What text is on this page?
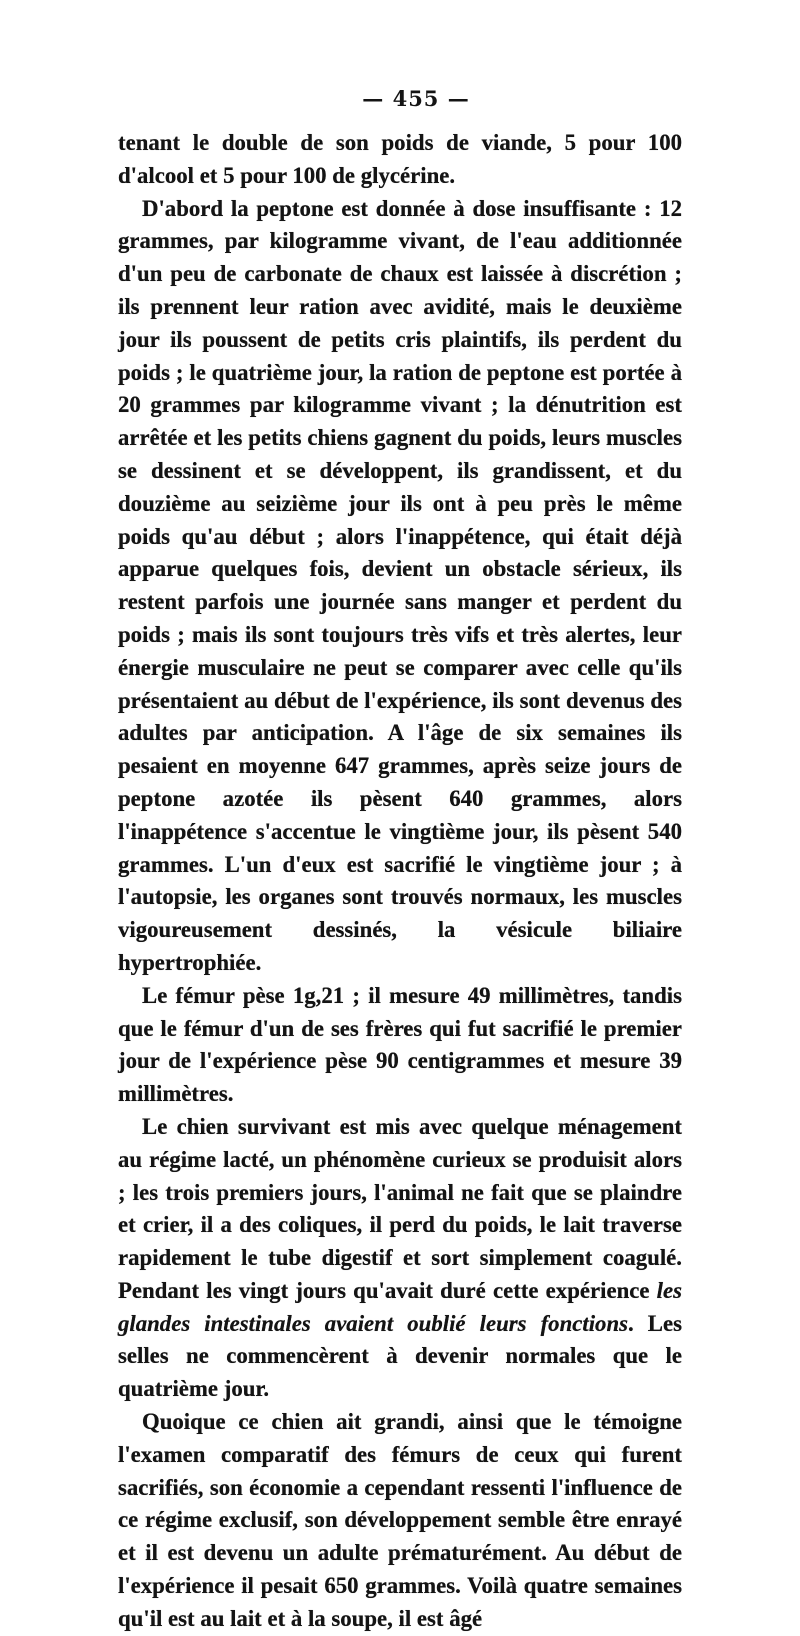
— 455 —

tenant le double de son poids de viande, 5 pour 100 d'alcool et 5 pour 100 de glycérine.

D'abord la peptone est donnée à dose insuffisante : 12 grammes, par kilogramme vivant, de l'eau additionnée d'un peu de carbonate de chaux est laissée à discrétion ; ils prennent leur ration avec avidité, mais le deuxième jour ils poussent de petits cris plaintifs, ils perdent du poids ; le quatrième jour, la ration de peptone est portée à 20 grammes par kilogramme vivant ; la dénutrition est arrêtée et les petits chiens gagnent du poids, leurs muscles se dessinent et se développent, ils grandissent, et du douzième au seizième jour ils ont à peu près le même poids qu'au début ; alors l'inappétence, qui était déjà apparue quelques fois, devient un obstacle sérieux, ils restent parfois une journée sans manger et perdent du poids ; mais ils sont toujours très vifs et très alertes, leur énergie musculaire ne peut se comparer avec celle qu'ils présentaient au début de l'expérience, ils sont devenus des adultes par anticipation. A l'âge de six semaines ils pesaient en moyenne 647 grammes, après seize jours de peptone azotée ils pèsent 640 grammes, alors l'inappétence s'accentue le vingtième jour, ils pèsent 540 grammes. L'un d'eux est sacrifié le vingtième jour ; à l'autopsie, les organes sont trouvés normaux, les muscles vigoureusement dessinés, la vésicule biliaire hypertrophiée.

Le fémur pèse 1g,21 ; il mesure 49 millimètres, tandis que le fémur d'un de ses frères qui fut sacrifié le premier jour de l'expérience pèse 90 centigrammes et mesure 39 millimètres.

Le chien survivant est mis avec quelque ménagement au régime lacté, un phénomène curieux se produisit alors ; les trois premiers jours, l'animal ne fait que se plaindre et crier, il a des coliques, il perd du poids, le lait traverse rapidement le tube digestif et sort simplement coagulé. Pendant les vingt jours qu'avait duré cette expérience les glandes intestinales avaient oublié leurs fonctions. Les selles ne commencèrent à devenir normales que le quatrième jour.

Quoique ce chien ait grandi, ainsi que le témoigne l'examen comparatif des fémurs de ceux qui furent sacrifiés, son économie a cependant ressenti l'influence de ce régime exclusif, son développement semble être enrayé et il est devenu un adulte prématurément. Au début de l'expérience il pesait 650 grammes. Voilà quatre semaines qu'il est au lait et à la soupe, il est âgé
